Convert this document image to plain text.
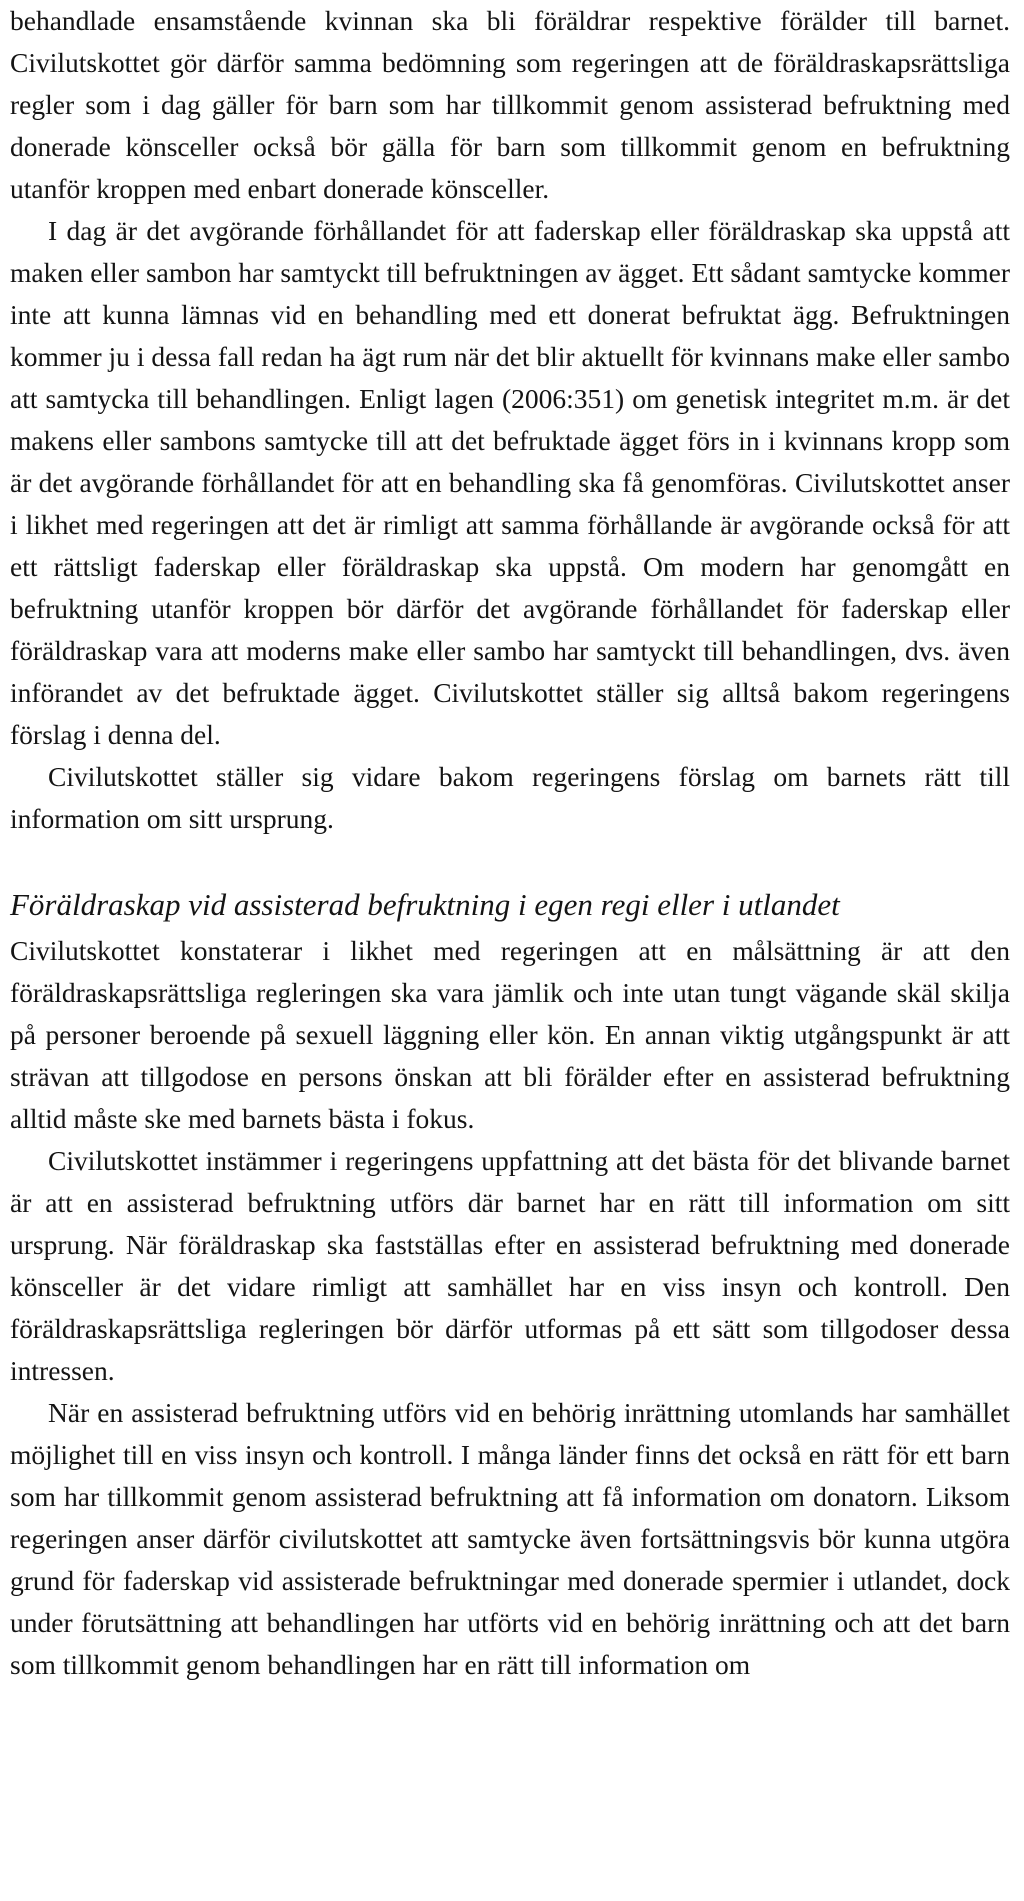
behandlade ensamstående kvinnan ska bli föräldrar respektive förälder till barnet. Civilutskottet gör därför samma bedömning som regeringen att de föräldraskapsrättsliga regler som i dag gäller för barn som har tillkommit genom assisterad befruktning med donerade könsceller också bör gälla för barn som tillkommit genom en befruktning utanför kroppen med enbart donerade könsceller.

I dag är det avgörande förhållandet för att faderskap eller föräldraskap ska uppstå att maken eller sambon har samtyckt till befruktningen av ägget. Ett sådant samtycke kommer inte att kunna lämnas vid en behandling med ett donerat befruktat ägg. Befruktningen kommer ju i dessa fall redan ha ägt rum när det blir aktuellt för kvinnans make eller sambo att samtycka till behandlingen. Enligt lagen (2006:351) om genetisk integritet m.m. är det makens eller sambons samtycke till att det befruktade ägget förs in i kvinnans kropp som är det avgörande förhållandet för att en behandling ska få genomföras. Civilutskottet anser i likhet med regeringen att det är rimligt att samma förhållande är avgörande också för att ett rättsligt faderskap eller föräldraskap ska uppstå. Om modern har genomgått en befruktning utanför kroppen bör därför det avgörande förhållandet för faderskap eller föräldraskap vara att moderns make eller sambo har samtyckt till behandlingen, dvs. även införandet av det befruktade ägget. Civilutskottet ställer sig alltså bakom regeringens förslag i denna del.

Civilutskottet ställer sig vidare bakom regeringens förslag om barnets rätt till information om sitt ursprung.

Föräldraskap vid assisterad befruktning i egen regi eller i utlandet

Civilutskottet konstaterar i likhet med regeringen att en målsättning är att den föräldraskapsrättsliga regleringen ska vara jämlik och inte utan tungt vägande skäl skilja på personer beroende på sexuell läggning eller kön. En annan viktig utgångspunkt är att strävan att tillgodose en persons önskan att bli förälder efter en assisterad befruktning alltid måste ske med barnets bästa i fokus.

Civilutskottet instämmer i regeringens uppfattning att det bästa för det blivande barnet är att en assisterad befruktning utförs där barnet har en rätt till information om sitt ursprung. När föräldraskap ska fastställas efter en assisterad befruktning med donerade könsceller är det vidare rimligt att samhället har en viss insyn och kontroll. Den föräldraskapsrättsliga regleringen bör därför utformas på ett sätt som tillgodoser dessa intressen.

När en assisterad befruktning utförs vid en behörig inrättning utomlands har samhället möjlighet till en viss insyn och kontroll. I många länder finns det också en rätt för ett barn som har tillkommit genom assisterad befruktning att få information om donatorn. Liksom regeringen anser därför civilutskottet att samtycke även fortsättningsvis bör kunna utgöra grund för faderskap vid assisterade befruktningar med donerade spermier i utlandet, dock under förutsättning att behandlingen har utförts vid en behörig inrättning och att det barn som tillkommit genom behandlingen har en rätt till information om
